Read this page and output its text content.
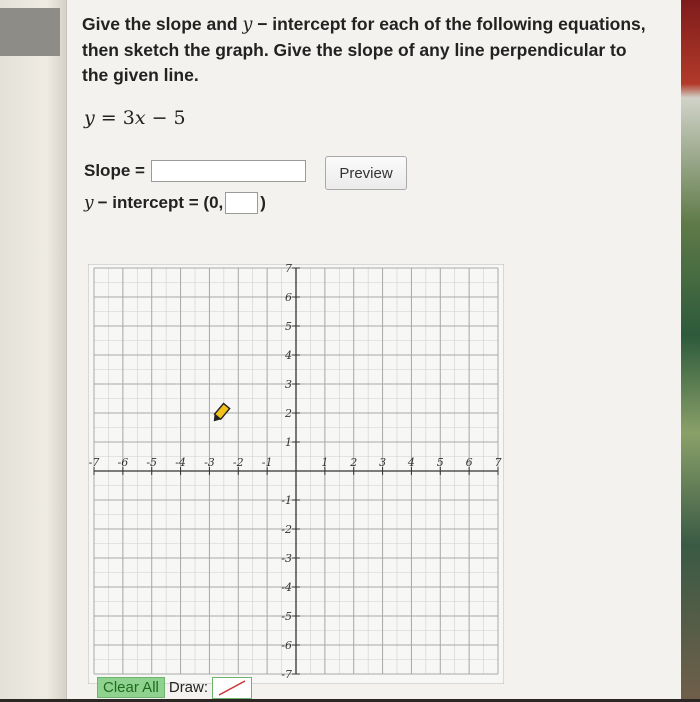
Give the slope and y − intercept for each of the following equations, then sketch the graph. Give the slope of any line perpendicular to the given line.
y = 3x − 5
Slope =
y − intercept = (0, )
Preview
-7 -6 -5 -4 -3 -2 -1	1 2 3 4 5 6 7
7
6
5
4
3
2
1
-1
-2
-3
-4
-5
-6
-7
Clear All Draw:
